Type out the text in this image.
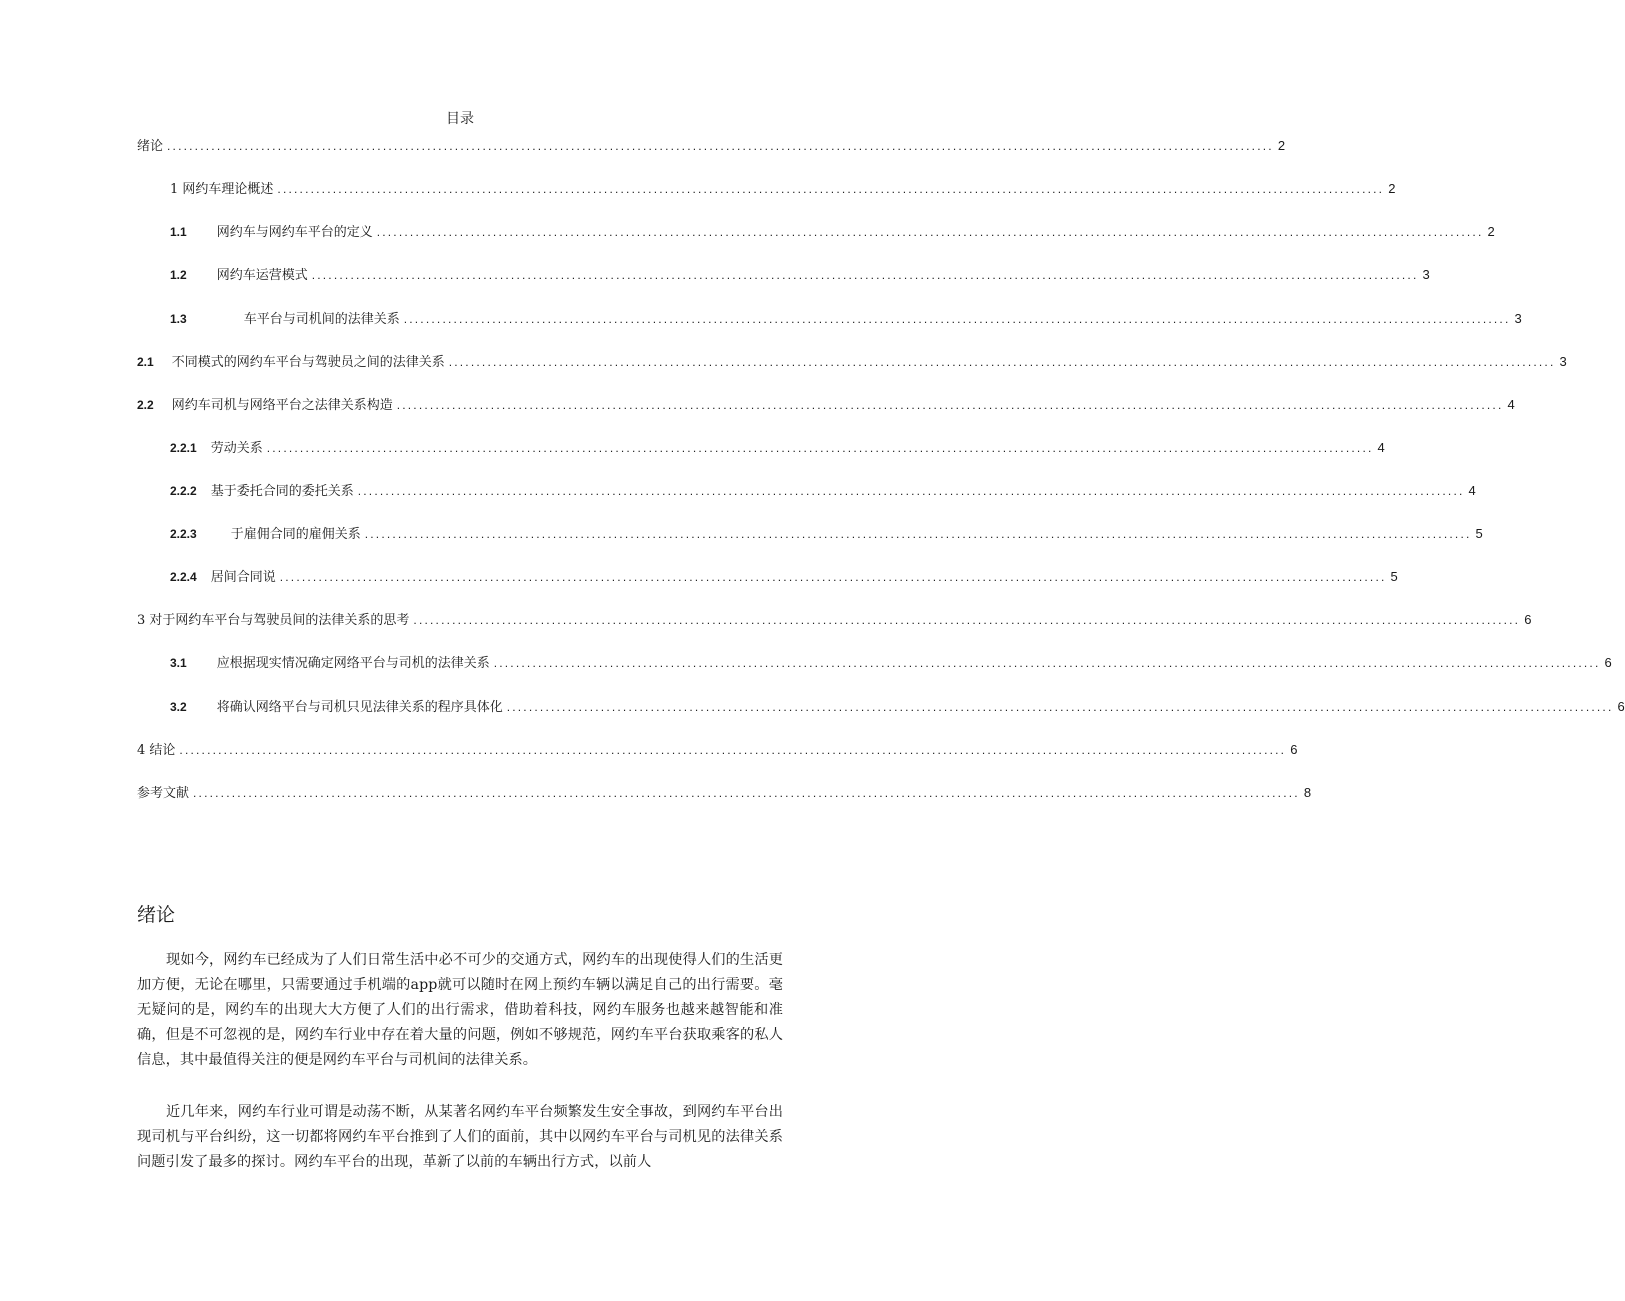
目录
绪论 ........................................................................................................................................................................................................ 2
1 网约车理论概述 ........................................................................................................................................................................................................ 2
1.1 网约车与网约车平台的定义 ........................................................................................................................................................................................................ 2
1.2 网约车运营模式 ........................................................................................................................................................................................................ 3
1.3	车平台与司机间的法律关系 ........................................................................................................................................................................................................ 3
2.1 不同模式的网约车平台与驾驶员之间的法律关系 ........................................................................................................................................................................................................ 3
2.2 网约车司机与网络平台之法律关系构造 ........................................................................................................................................................................................................ 4
2.2.1 劳动关系 ........................................................................................................................................................................................................ 4
2.2.2 基于委托合同的委托关系 ........................................................................................................................................................................................................ 4
2.2.3	于雇佣合同的雇佣关系 ........................................................................................................................................................................................................ 5
2.2.4 居间合同说 ........................................................................................................................................................................................................ 5
3 对于网约车平台与驾驶员间的法律关系的思考 ........................................................................................................................................................................................................ 6
3.1 应根据现实情况确定网络平台与司机的法律关系 ........................................................................................................................................................................................................ 6
3.2 将确认网络平台与司机只见法律关系的程序具体化 ........................................................................................................................................................................................................ 6
4 结论 ........................................................................................................................................................................................................ 6
参考文献 ........................................................................................................................................................................................................ 8
绪论

现如今，网约车已经成为了人们日常生活中必不可少的交通方式，网约车的出现使得人们的生活更加方便，无论在哪里，只需要通过手机端的app就可以随时在网上预约车辆以满足自己的出行需要。毫无疑问的是，网约车的出现大大方便了人们的出行需求，借助着科技，网约车服务也越来越智能和准确，但是不可忽视的是，网约车行业中存在着大量的问题，例如不够规范，网约车平台获取乘客的私人信息，其中最值得关注的便是网约车平台与司机间的法律关系。

近几年来，网约车行业可谓是动荡不断，从某著名网约车平台频繁发生安全事故，到网约车平台出现司机与平台纠纷，这一切都将网约车平台推到了人们的面前，其中以网约车平台与司机见的法律关系问题引发了最多的探讨。网约车平台的出现，革新了以前的车辆出行方式，以前人
